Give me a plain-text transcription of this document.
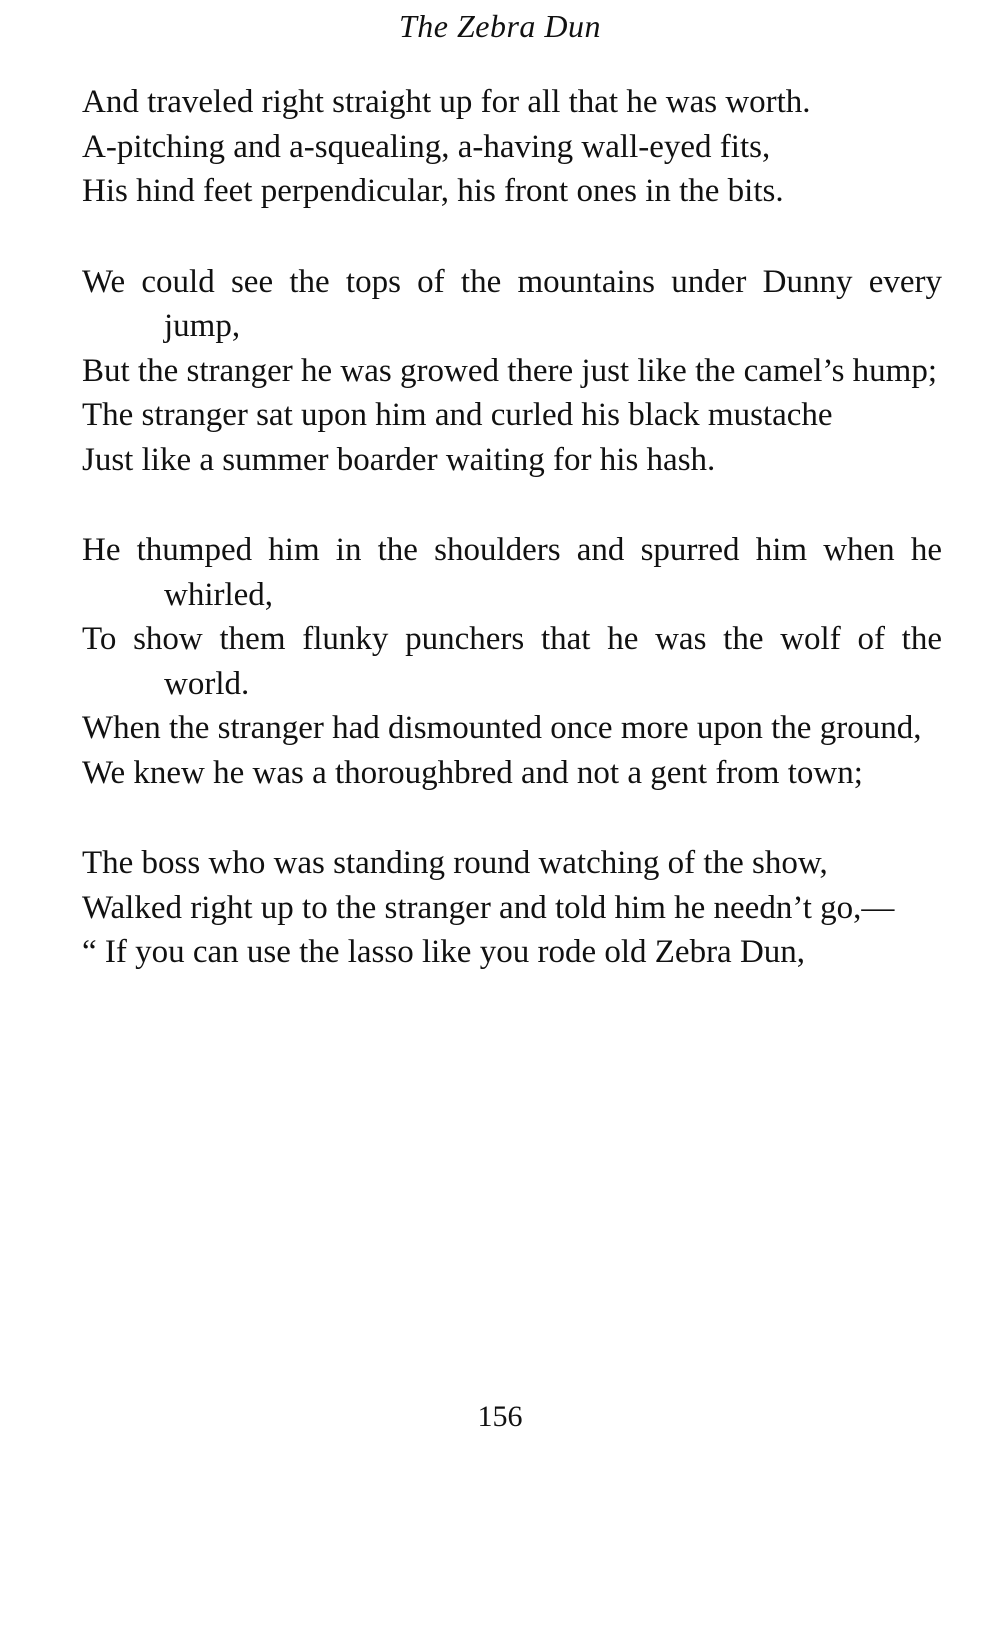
The Zebra Dun

And traveled right straight up for all that he was worth.

A-pitching and a-squealing, a-having wall-eyed fits,

His hind feet perpendicular, his front ones in the bits.

We could see the tops of the mountains under Dunny every jump,

But the stranger he was growed there just like the camel’s hump;

The stranger sat upon him and curled his black mustache

Just like a summer boarder waiting for his hash.

He thumped him in the shoulders and spurred him when he whirled,

To show them flunky punchers that he was the wolf of the world.

When the stranger had dismounted once more upon the ground,

We knew he was a thoroughbred and not a gent from town;

The boss who was standing round watching of the show,

Walked right up to the stranger and told him he needn’t go,—

“ If you can use the lasso like you rode old Zebra Dun,

156
